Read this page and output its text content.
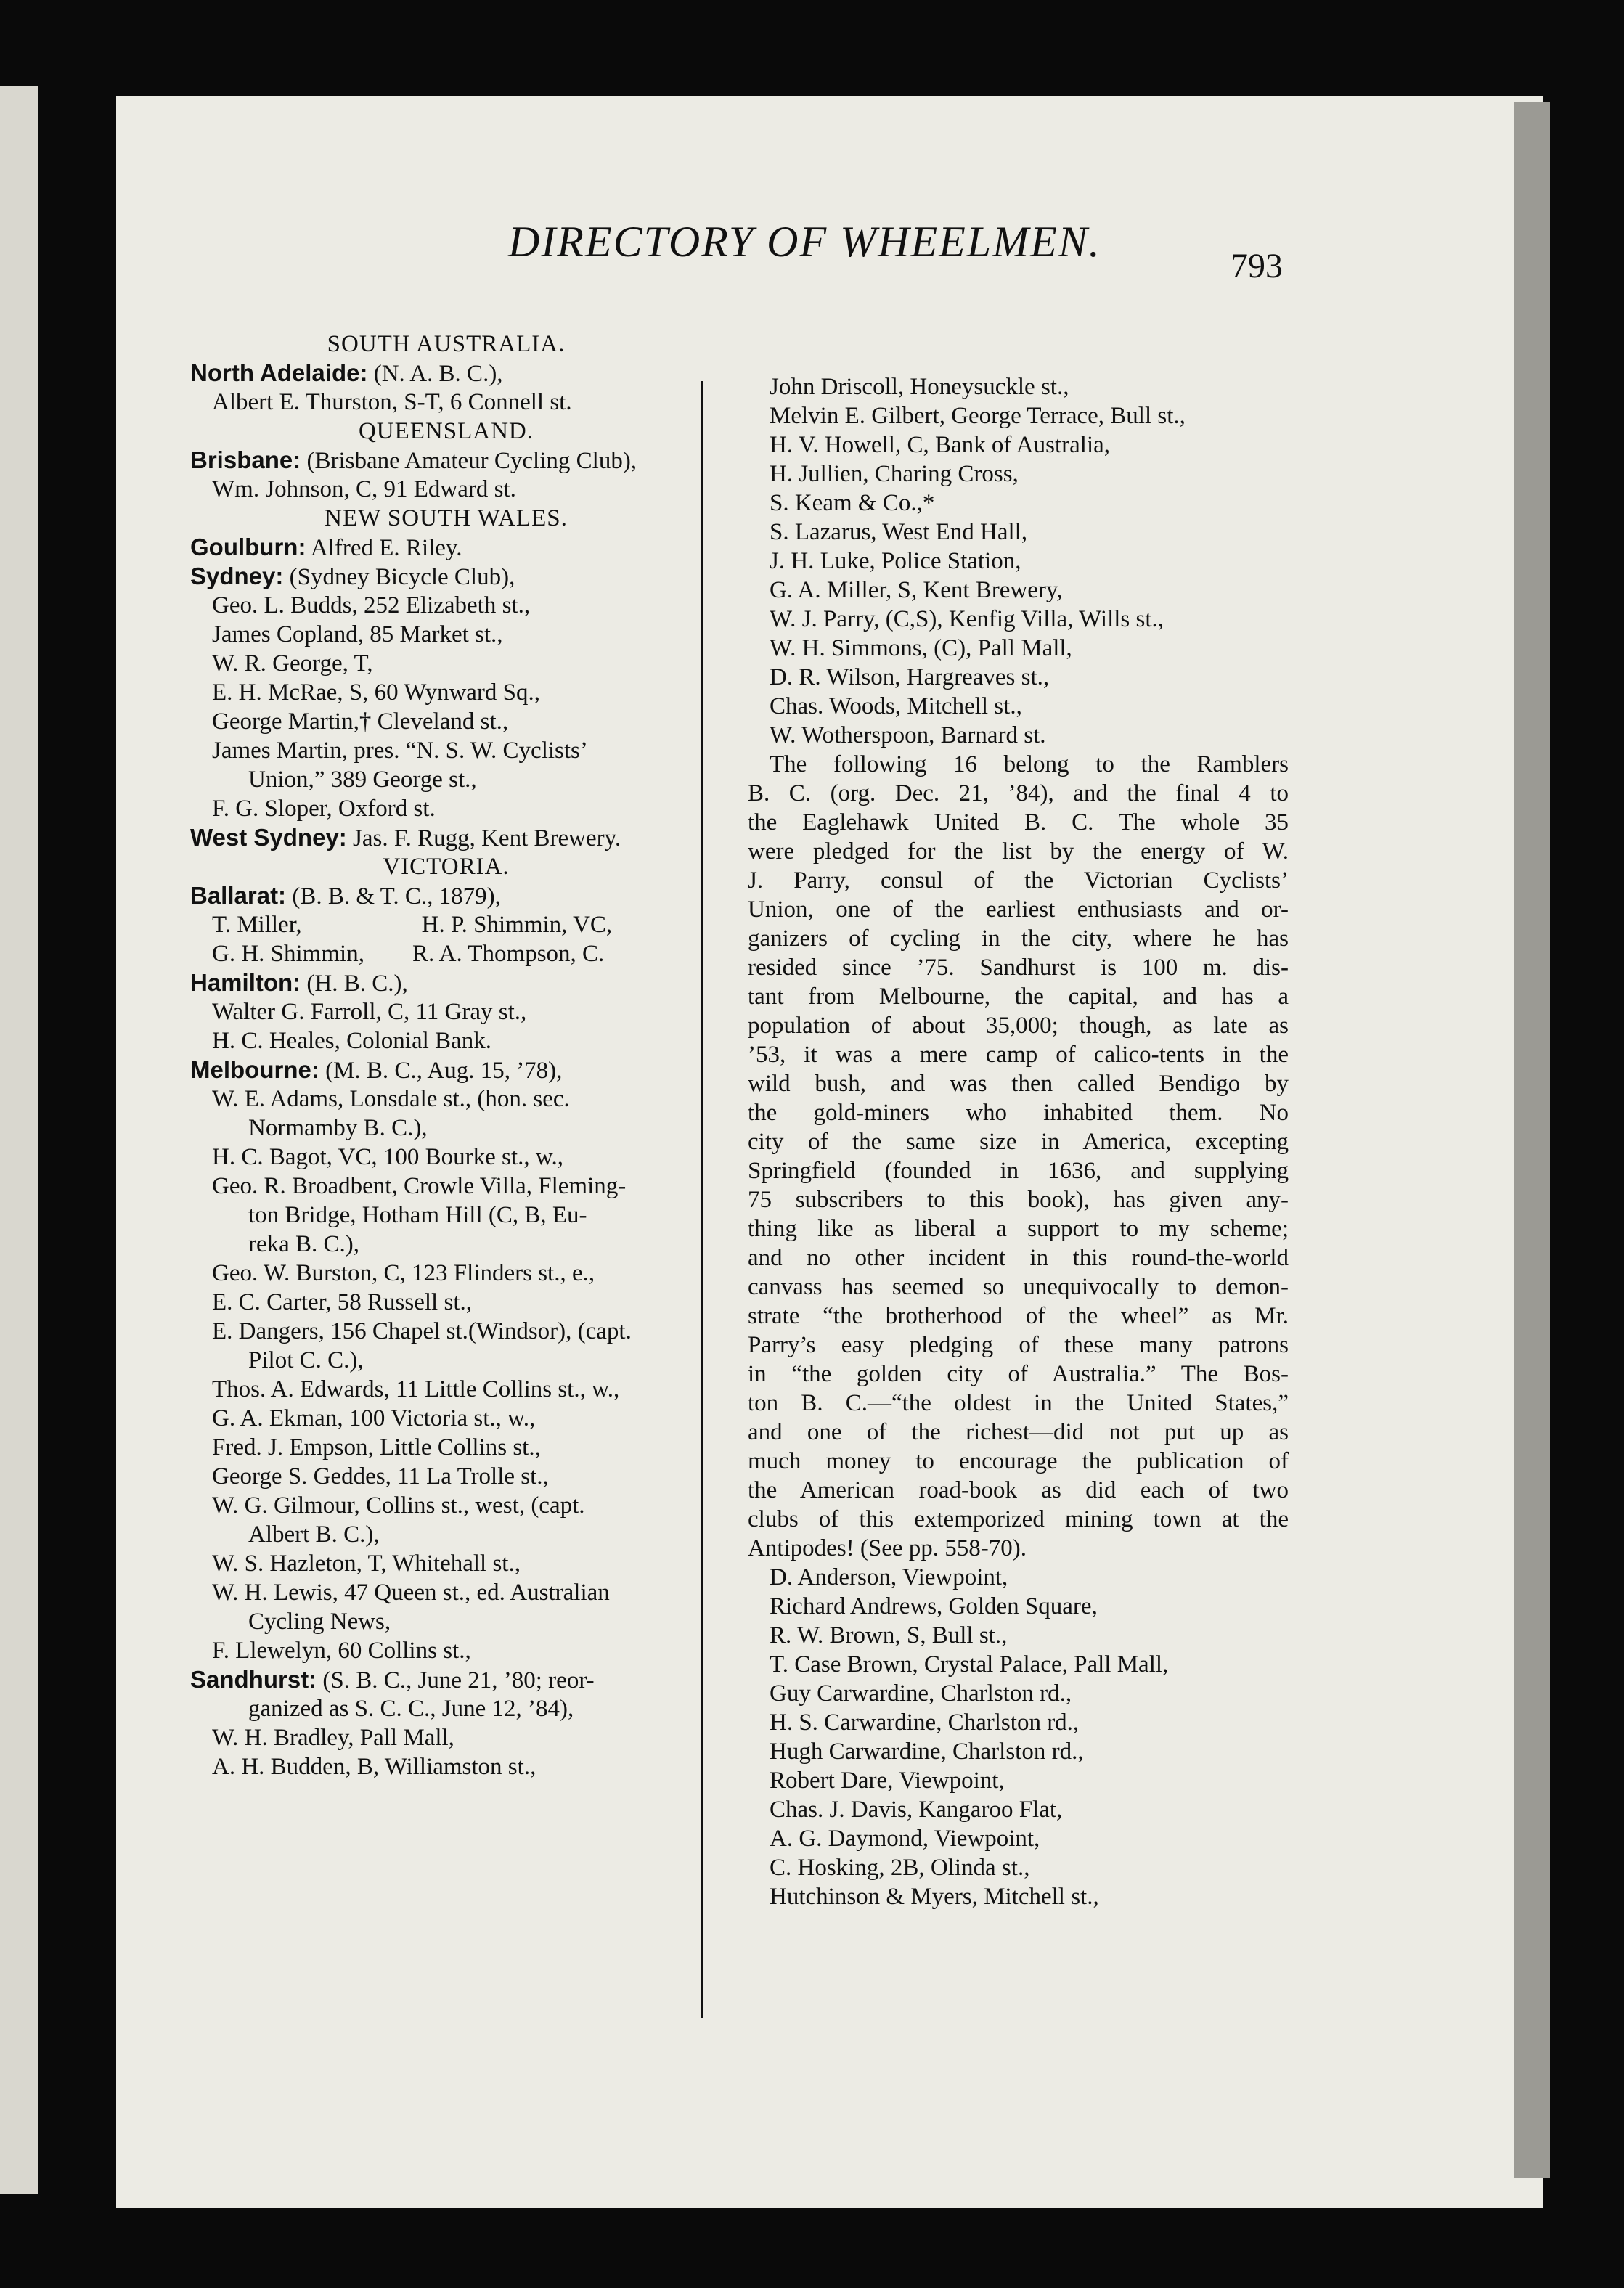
DIRECTORY OF WHEELMEN.
793
SOUTH AUSTRALIA.
North Adelaide: (N. A. B. C.),
Albert E. Thurston, S-T, 6 Connell st.
QUEENSLAND.
Brisbane: (Brisbane Amateur Cycling Club),
Wm. Johnson, C, 91 Edward st.
NEW SOUTH WALES.
Goulburn: Alfred E. Riley.
Sydney: (Sydney Bicycle Club),
Geo. L. Budds, 252 Elizabeth st.,
James Copland, 85 Market st.,
W. R. George, T,
E. H. McRae, S, 60 Wynward Sq.,
George Martin,† Cleveland st.,
James Martin, pres. “N. S. W. Cyclists’
Union,” 389 George st.,
F. G. Sloper, Oxford st.
West Sydney: Jas. F. Rugg, Kent Brewery.
VICTORIA.
Ballarat: (B. B. & T. C., 1879),
T. Miller,                    H. P. Shimmin, VC,
G. H. Shimmin,        R. A. Thompson, C.
Hamilton: (H. B. C.),
Walter G. Farroll, C, 11 Gray st.,
H. C. Heales, Colonial Bank.
Melbourne: (M. B. C., Aug. 15, ’78),
W. E. Adams, Lonsdale st., (hon. sec.
Normamby B. C.),
H. C. Bagot, VC, 100 Bourke st., w.,
Geo. R. Broadbent, Crowle Villa, Fleming-
ton Bridge, Hotham Hill (C, B, Eu-
reka B. C.),
Geo. W. Burston, C, 123 Flinders st., e.,
E. C. Carter, 58 Russell st.,
E. Dangers, 156 Chapel st.(Windsor), (capt.
Pilot C. C.),
Thos. A. Edwards, 11 Little Collins st., w.,
G. A. Ekman, 100 Victoria st., w.,
Fred. J. Empson, Little Collins st.,
George S. Geddes, 11 La Trolle st.,
W. G. Gilmour, Collins st., west, (capt.
Albert B. C.),
W. S. Hazleton, T, Whitehall st.,
W. H. Lewis, 47 Queen st., ed. Australian
Cycling News,
F. Llewelyn, 60 Collins st.,
Sandhurst: (S. B. C., June 21, ’80; reor-
ganized as S. C. C., June 12, ’84),
W. H. Bradley, Pall Mall,
A. H. Budden, B, Williamston st.,
John Driscoll, Honeysuckle st.,
Melvin E. Gilbert, George Terrace, Bull st.,
H. V. Howell, C, Bank of Australia,
H. Jullien, Charing Cross,
S. Keam & Co.,*
S. Lazarus, West End Hall,
J. H. Luke, Police Station,
G. A. Miller, S, Kent Brewery,
W. J. Parry, (C,S), Kenfig Villa, Wills st.,
W. H. Simmons, (C), Pall Mall,
D. R. Wilson, Hargreaves st.,
Chas. Woods, Mitchell st.,
W. Wotherspoon, Barnard st.
The following 16 belong to the Ramblers
B. C. (org. Dec. 21, ’84), and the final 4 to
the Eaglehawk United B. C. The whole 35
were pledged for the list by the energy of W.
J. Parry, consul of the Victorian Cyclists’
Union, one of the earliest enthusiasts and or-
ganizers of cycling in the city, where he has
resided since ’75. Sandhurst is 100 m. dis-
tant from Melbourne, the capital, and has a
population of about 35,000; though, as late as
’53, it was a mere camp of calico-tents in the
wild bush, and was then called Bendigo by
the gold-miners who inhabited them. No
city of the same size in America, excepting
Springfield (founded in 1636, and supplying
75 subscribers to this book), has given any-
thing like as liberal a support to my scheme;
and no other incident in this round-the-world
canvass has seemed so unequivocally to demon-
strate “the brotherhood of the wheel” as Mr.
Parry’s easy pledging of these many patrons
in “the golden city of Australia.” The Bos-
ton B. C.—“the oldest in the United States,”
and one of the richest—did not put up as
much money to encourage the publication of
the American road-book as did each of two
clubs of this extemporized mining town at the
Antipodes! (See pp. 558-70).
D. Anderson, Viewpoint,
Richard Andrews, Golden Square,
R. W. Brown, S, Bull st.,
T. Case Brown, Crystal Palace, Pall Mall,
Guy Carwardine, Charlston rd.,
H. S. Carwardine, Charlston rd.,
Hugh Carwardine, Charlston rd.,
Robert Dare, Viewpoint,
Chas. J. Davis, Kangaroo Flat,
A. G. Daymond, Viewpoint,
C. Hosking, 2B, Olinda st.,
Hutchinson & Myers, Mitchell st.,
